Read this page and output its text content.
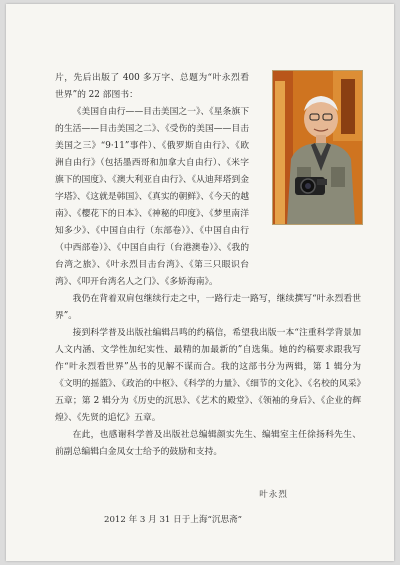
片，先后出版了 400 多万字、总题为“叶永烈看世界”的 22 部图书：

《美国自由行——目击美国之一》、《星条旗下的生活——目击美国之二》、《受伤的美国——目击美国之三》“9·11”事件）、《俄罗斯自由行》、《欧洲自由行》（包括墨西哥和加拿大自由行）、《米字旗下的国度》、《澳大利亚自由行》、《从迪拜塔到金字塔》、《这就是韩国》、《真实的朝鲜》、《今天的越南》、《樱花下的日本》、《神秘的印度》、《梦里南洋知多少》、《中国自由行（东部卷）》、《中国自由行（中西部卷）》、《中国自由行（台港澳卷）》、《我的台湾之旅》、《叶永烈目击台湾》、《第三只眼识台湾》、《叩开台湾名人之门》、《多娇海南》。

我仍在背着双肩包继续行走之中，一路行走一路写，继续撰写“叶永烈看世界”。

接到科学普及出版社编辑吕鸣的约稿信，希望我出版一本“注重科学背景加人文内涵、文学性加纪实性、最精的加最新的”自选集。她的约稿要求跟我写作“叶永烈看世界”丛书的见解不谋而合。我的这部书分为两辑，第 1 辑分为《文明的摇篮》、《政治的中枢》、《科学的力量》、《细节的文化》、《名校的风采》五章；第 2 辑分为《历史的沉思》、《艺术的殿堂》、《领袖的身后》、《企业的辉煌》、《先贤的追忆》五章。

在此，也感谢科学普及出版社总编辑颜实先生、编辑室主任徐扬科先生、前副总编辑白金凤女士给予的鼓励和支持。

叶永烈
2012 年 3 月 31 日于上海“沉思斋”
